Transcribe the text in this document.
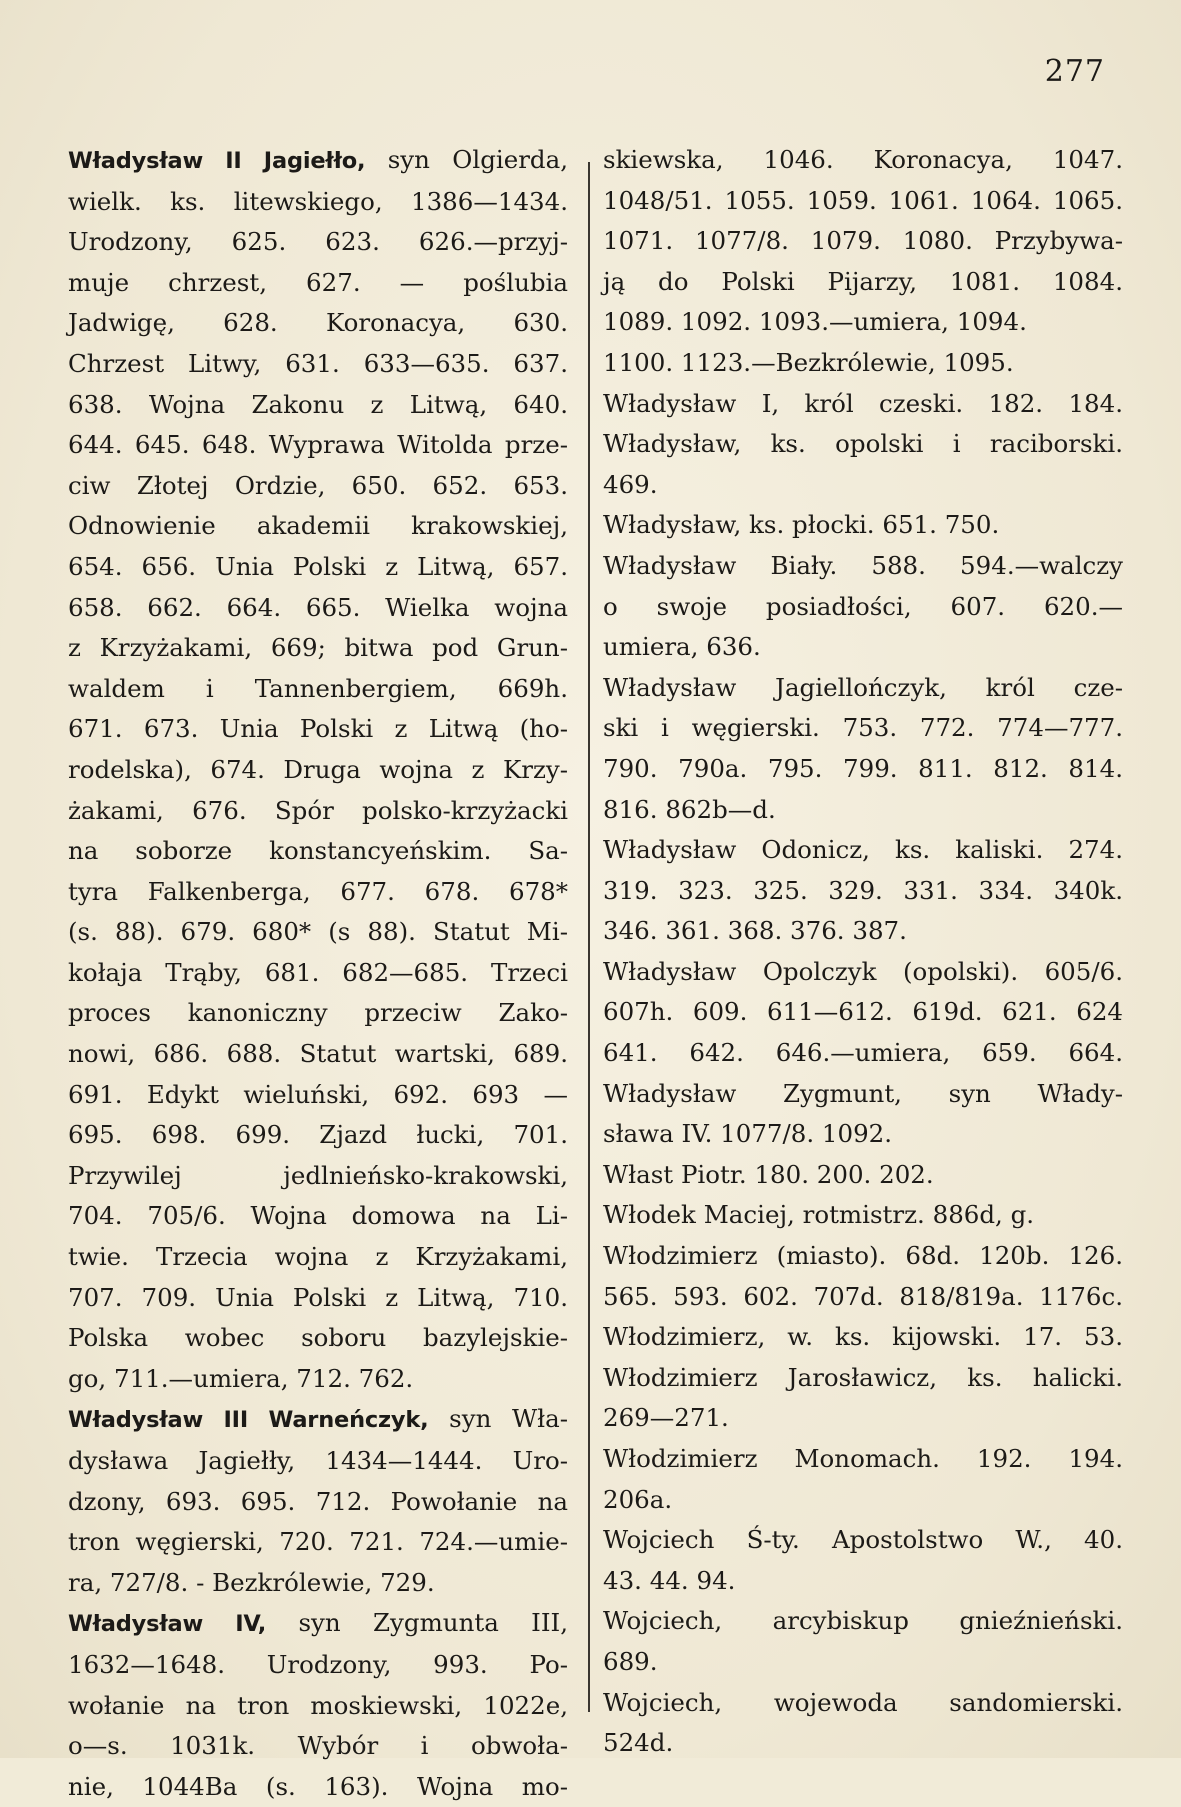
277
Władysław II Jagiełło, syn Olgierda,
wielk. ks. litewskiego, 1386—1434.
Urodzony, 625. 623. 626.—przyj-
muje chrzest, 627. — poślubia
Jadwigę, 628. Koronacya, 630.
Chrzest Litwy, 631. 633—635. 637.
638. Wojna Zakonu z Litwą, 640.
644. 645. 648. Wyprawa Witolda prze-
ciw Złotej Ordzie, 650. 652. 653.
Odnowienie akademii krakowskiej,
654. 656. Unia Polski z Litwą, 657.
658. 662. 664. 665. Wielka wojna
z Krzyżakami, 669; bitwa pod Grun-
waldem i Tannenbergiem, 669h.
671. 673. Unia Polski z Litwą (ho-
rodelska), 674. Druga wojna z Krzy-
żakami, 676. Spór polsko-krzyżacki
na soborze konstancyeńskim. Sa-
tyra Falkenberga, 677. 678. 678*
(s. 88). 679. 680* (s 88). Statut Mi-
kołaja Trąby, 681. 682—685. Trzeci
proces kanoniczny przeciw Zako-
nowi, 686. 688. Statut wartski, 689.
691. Edykt wieluński, 692. 693 —
695. 698. 699. Zjazd łucki, 701.
Przywilej jedlnieńsko-krakowski,
704. 705/6. Wojna domowa na Li-
twie. Trzecia wojna z Krzyżakami,
707. 709. Unia Polski z Litwą, 710.
Polska wobec soboru bazylejskie-
go, 711.—umiera, 712. 762.
Władysław III Warneńczyk, syn Wła-
dysława Jagiełły, 1434—1444. Uro-
dzony, 693. 695. 712. Powołanie na
tron węgierski, 720. 721. 724.—umie-
ra, 727/8. - Bezkrólewie, 729.
Władysław IV, syn Zygmunta III,
1632—1648. Urodzony, 993. Po-
wołanie na tron moskiewski, 1022e,
o—s. 1031k. Wybór i obwoła-
nie, 1044Ba (s. 163). Wojna mo-
skiewska, 1046. Koronacya, 1047.
1048/51. 1055. 1059. 1061. 1064. 1065.
1071. 1077/8. 1079. 1080. Przybywa-
ją do Polski Pijarzy, 1081. 1084.
1089. 1092. 1093.—umiera, 1094.
1100. 1123.—Bezkrólewie, 1095.
Władysław I, król czeski. 182. 184.
Władysław, ks. opolski i raciborski.
469.
Władysław, ks. płocki. 651. 750.
Władysław Biały. 588. 594.—walczy
o swoje posiadłości, 607. 620.—
umiera, 636.
Władysław Jagiellończyk, król cze-
ski i węgierski. 753. 772. 774—777.
790. 790a. 795. 799. 811. 812. 814.
816. 862b—d.
Władysław Odonicz, ks. kaliski. 274.
319. 323. 325. 329. 331. 334. 340k.
346. 361. 368. 376. 387.
Władysław Opolczyk (opolski). 605/6.
607h. 609. 611—612. 619d. 621. 624
641. 642. 646.—umiera, 659. 664.
Władysław Zygmunt, syn Włady-
sława IV. 1077/8. 1092.
Włast Piotr. 180. 200. 202.
Włodek Maciej, rotmistrz. 886d, g.
Włodzimierz (miasto). 68d. 120b. 126.
565. 593. 602. 707d. 818/819a. 1176c.
Włodzimierz, w. ks. kijowski. 17. 53.
Włodzimierz Jarosławicz, ks. halicki.
269—271.
Włodzimierz Monomach. 192. 194.
206a.
Wojciech Ś-ty. Apostolstwo W., 40.
43. 44. 94.
Wojciech, arcybiskup gnieźnieński.
689.
Wojciech, wojewoda sandomierski.
524d.
